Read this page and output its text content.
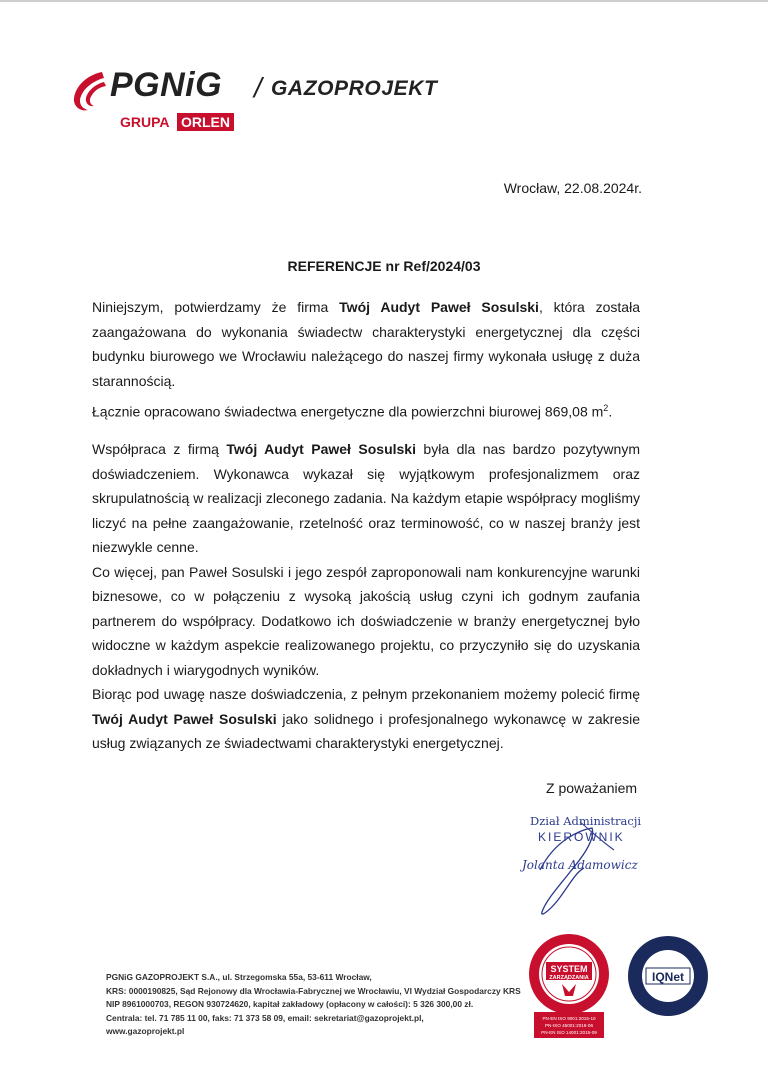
PGNiG / GAZOPROJEKT
GRUPA ORLEN
Wrocław, 22.08.2024r.
REFERENCJE nr Ref/2024/03

Niniejszym, potwierdzamy że firma Twój Audyt Paweł Sosulski, która została zaangażowana do wykonania świadectw charakterystyki energetycznej dla części budynku biurowego we Wrocławiu należącego do naszej firmy wykonała usługę z duża starannością.

Łącznie opracowano świadectwa energetyczne dla powierzchni biurowej 869,08 $m^2$.

Współpraca z firmą Twój Audyt Paweł Sosulski była dla nas bardzo pozytywnym doświadczeniem. Wykonawca wykazał się wyjątkowym profesjonalizmem oraz skrupulatnością w realizacji zleconego zadania. Na każdym etapie współpracy mogliśmy liczyć na pełne zaangażowanie, rzetelność oraz terminowość, co w naszej branży jest niezwykle cenne.

Co więcej, pan Paweł Sosulski i jego zespół zaproponowali nam konkurencyjne warunki biznesowe, co w połączeniu z wysoką jakością usług czyni ich godnym zaufania partnerem do współpracy. Dodatkowo ich doświadczenie w branży energetycznej było widoczne w każdym aspekcie realizowanego projektu, co przyczyniło się do uzyskania dokładnych i wiarygodnych wyników.

Biorąc pod uwagę nasze doświadczenia, z pełnym przekonaniem możemy polecić firmę Twój Audyt Paweł Sosulski jako solidnego i profesjonalnego wykonawcę w zakresie usług związanych ze świadectwami charakterystyki energetycznej.

Z poważaniem
Dział Administracji
KIEROWNIK
Jolanta Adamowicz
PGNiG GAZOPROJEKT S.A., ul. Strzegomska 55a, 53-611 Wrocław,
KRS: 0000190825, Sąd Rejonowy dla Wrocławia-Fabrycznej we Wrocławiu, VI Wydział Gospodarczy KRS
NIP 8961000703, REGON 930724620, kapitał zakładowy (opłacony w całości): 5 326 300,00 zł.
Centrala: tel. 71 785 11 00, faks: 71 373 58 09, email: sekretariat@gazoprojekt.pl,
www.gazoprojekt.pl
SYSTEM
ZARZĄDZANIA
PN-EN ISO 9001:2015-10
PN-ISO 45001:2018-06
PN-EN ISO 14001:2015-09
IQNet
